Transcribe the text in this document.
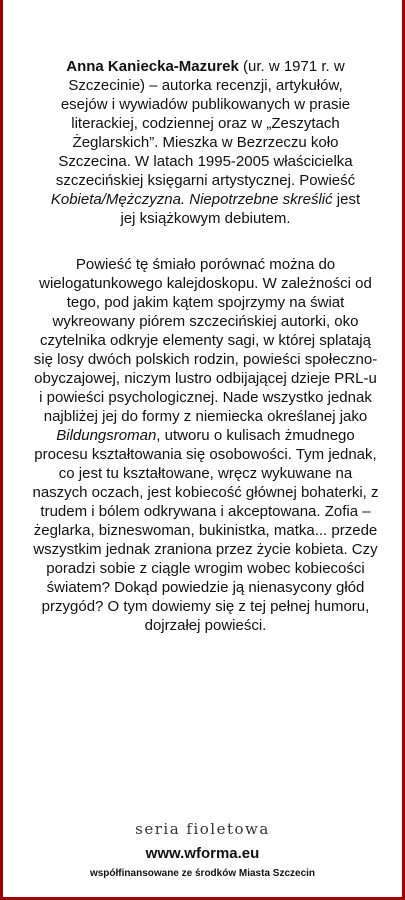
Anna Kaniecka-Mazurek (ur. w 1971 r. w Szczecinie) – autorka recenzji, artykułów, esejów i wywiadów publikowanych w prasie literackiej, codziennej oraz w „Zeszytach Żeglarskich”. Mieszka w Bezrzeczu koło Szczecina. W latach 1995-2005 właścicielka szczecińskiej księgarni artystycznej. Powieść Kobieta/Mężczyzna. Niepotrzebne skreślić jest jej książkowym debiutem.

Powieść tę śmiało porównać można do wielogatunkowego kalejdoskopu. W zależności od tego, pod jakim kątem spojrzymy na świat wykreowany piórem szczecińskiej autorki, oko czytelnika odkryje elementy sagi, w której splatają się losy dwóch polskich rodzin, powieści społeczno-obyczajowej, niczym lustro odbijającej dzieje PRL-u i powieści psychologicznej. Nade wszystko jednak najbliżej jej do formy z niemiecka określanej jako Bildungsroman, utworu o kulisach żmudnego procesu kształtowania się osobowości. Tym jednak, co jest tu kształtowane, wręcz wykuwane na naszych oczach, jest kobiecość głównej bohaterki, z trudem i bólem odkrywana i akceptowana. Zofia – żeglarka, bizneswoman, bukinistka, matka... przede wszystkim jednak zraniona przez życie kobieta. Czy poradzi sobie z ciągle wrogim wobec kobiecości światem? Dokąd powiedzie ją nienasycony głód przygód? O tym dowiemy się z tej pełnej humoru, dojrzałej powieści.

seria fioletowa
www.wforma.eu
współfinansowane ze środków Miasta Szczecin
